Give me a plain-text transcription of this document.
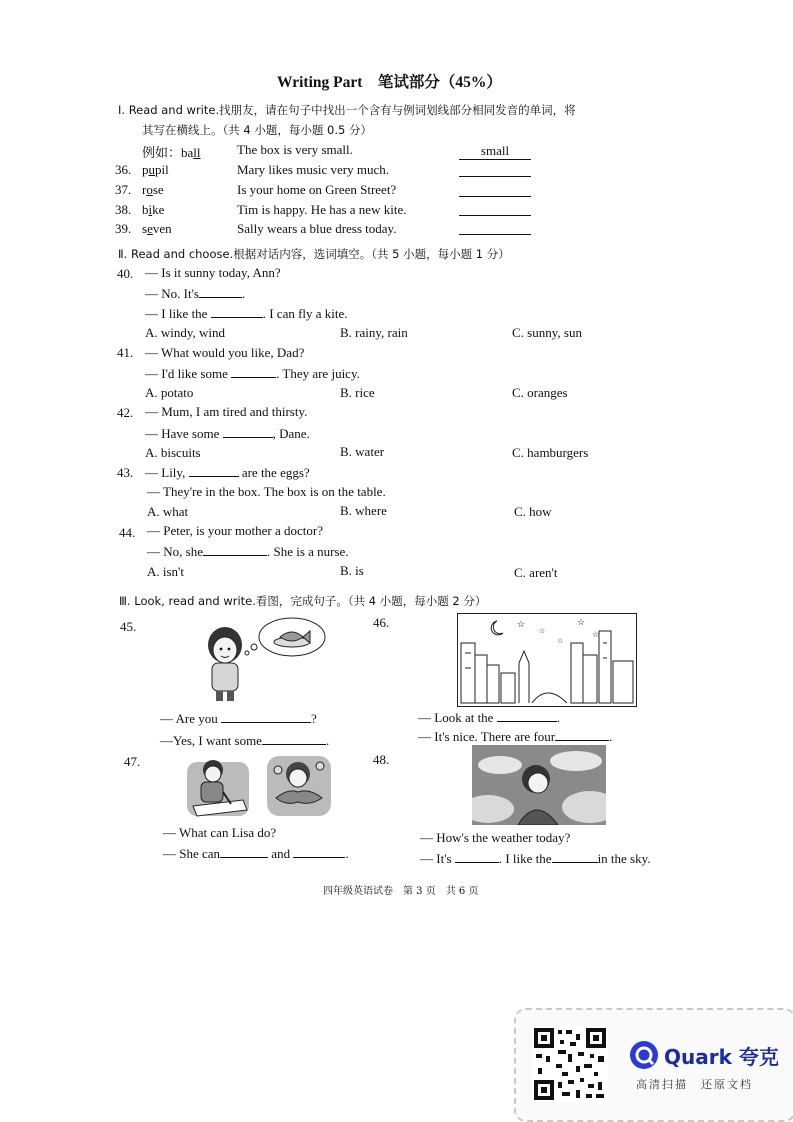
Writing Part　笔试部分（45%）
Ⅰ. Read and write.找朋友，请在句子中找出一个含有与例词划线部分相同发音的单词，将
其写在横线上。（共 4 小题，每小题 0.5 分）
例如：ball	The box is very small.	small
36. pupil	Mary likes music very much.
37. rose	Is your home on Green Street?
38. bike	Tim is happy. He has a new kite.
39. seven	Sally wears a blue dress today.
Ⅱ. Read and choose.根据对话内容，选词填空。（共 5 小题，每小题 1 分）
40. — Is it sunny today, Ann?
— No. It's	.
— I like the	. I can fly a kite.
A. windy, wind	B. rainy, rain	C. sunny, sun
41. — What would you like, Dad?
— I'd like some	. They are juicy.
A. potato	B. rice	C. oranges
42. — Mum, I am tired and thirsty.
— Have some	, Dane.
A. biscuits	B. water	C. hamburgers
43. — Lily,	are the eggs?
— They're in the box. The box is on the table.
A. what	B. where	C. how
44. — Peter, is your mother a doctor?
— No, she	. She is a nurse.
A. isn't	B. is	C. aren't
Ⅲ. Look, read and write.看图，完成句子。（共 4 小题，每小题 2 分）
45.
— Are you	?
—Yes, I want some	.
46.	☆
☆
☆
☆
☆
— Look at the	.
— It's nice. There are four	.
47.
— What can Lisa do?
— She can	and	.
48.
— How's the weather today?
— It's	. I like the	in the sky.
四年级英语试卷　第 3 页　共 6 页
Quark 夸克
高清扫描　还原文档
